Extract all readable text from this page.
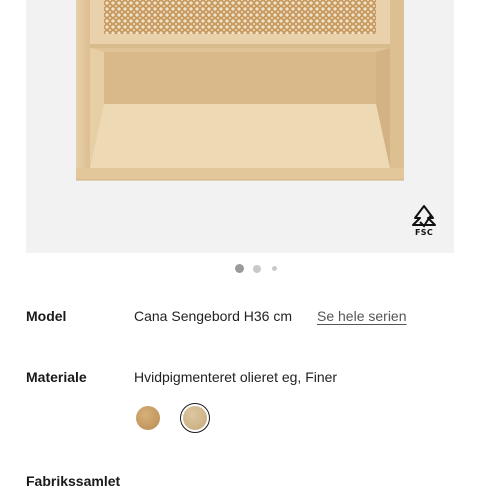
FSC
Model	Cana Sengebord H36 cm Se hele serien
Materiale	Hvidpigmenteret olieret eg, Finer
Fabrikssamlet
